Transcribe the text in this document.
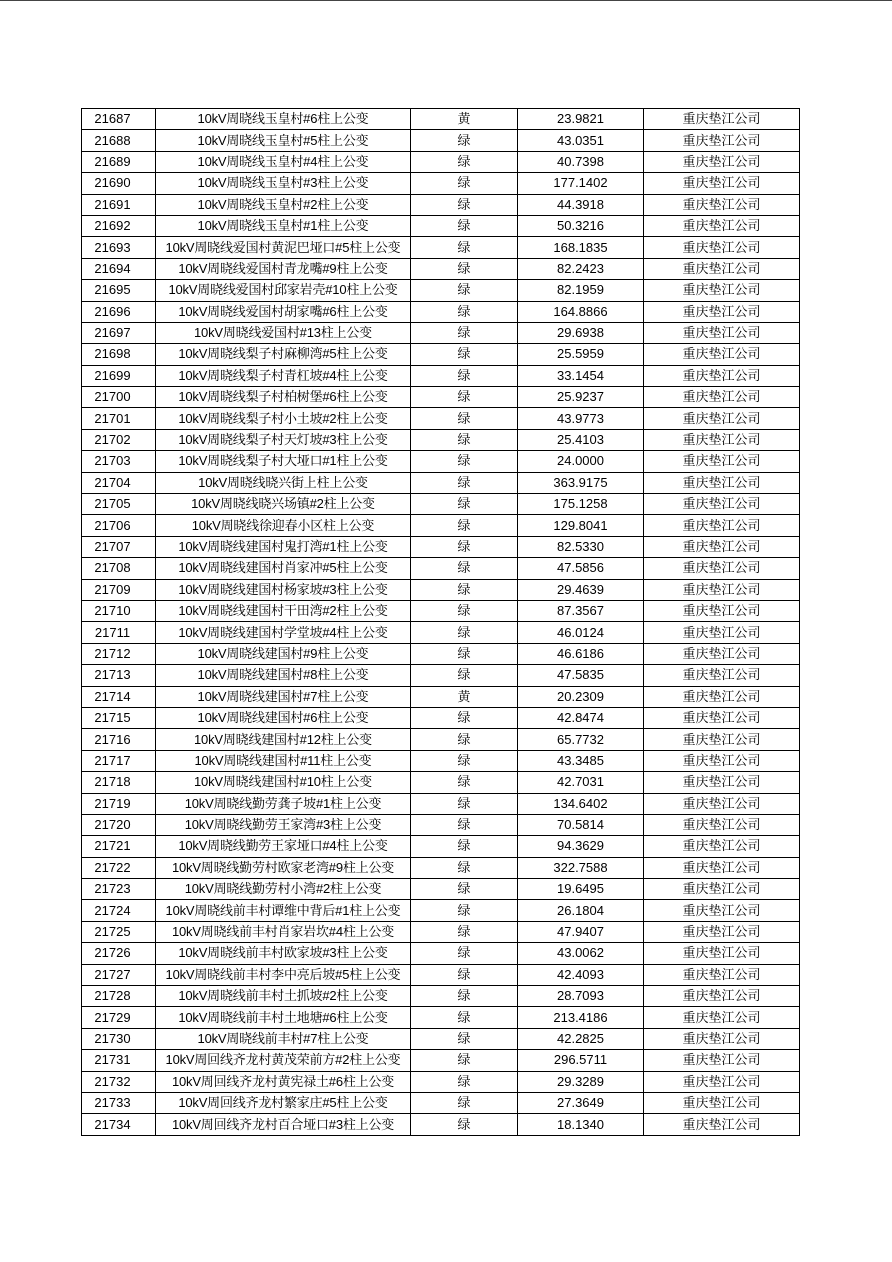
21687	10kV周晓线玉皇村#6柱上公变	黄	23.9821	重庆垫江公司
21688	10kV周晓线玉皇村#5柱上公变	绿	43.0351	重庆垫江公司
21689	10kV周晓线玉皇村#4柱上公变	绿	40.7398	重庆垫江公司
21690	10kV周晓线玉皇村#3柱上公变	绿	177.1402	重庆垫江公司
21691	10kV周晓线玉皇村#2柱上公变	绿	44.3918	重庆垫江公司
21692	10kV周晓线玉皇村#1柱上公变	绿	50.3216	重庆垫江公司
21693	10kV周晓线爱国村黄泥巴垭口#5柱上公变	绿	168.1835	重庆垫江公司
21694	10kV周晓线爱国村青龙嘴#9柱上公变	绿	82.2423	重庆垫江公司
21695	10kV周晓线爱国村邱家岩壳#10柱上公变	绿	82.1959	重庆垫江公司
21696	10kV周晓线爱国村胡家嘴#6柱上公变	绿	164.8866	重庆垫江公司
21697	10kV周晓线爱国村#13柱上公变	绿	29.6938	重庆垫江公司
21698	10kV周晓线梨子村麻柳湾#5柱上公变	绿	25.5959	重庆垫江公司
21699	10kV周晓线梨子村青杠坡#4柱上公变	绿	33.1454	重庆垫江公司
21700	10kV周晓线梨子村柏树堡#6柱上公变	绿	25.9237	重庆垫江公司
21701	10kV周晓线梨子村小土坡#2柱上公变	绿	43.9773	重庆垫江公司
21702	10kV周晓线梨子村天灯坡#3柱上公变	绿	25.4103	重庆垫江公司
21703	10kV周晓线梨子村大垭口#1柱上公变	绿	24.0000	重庆垫江公司
21704	10kV周晓线晓兴街上柱上公变	绿	363.9175	重庆垫江公司
21705	10kV周晓线晓兴场镇#2柱上公变	绿	175.1258	重庆垫江公司
21706	10kV周晓线徐迎春小区柱上公变	绿	129.8041	重庆垫江公司
21707	10kV周晓线建国村鬼打湾#1柱上公变	绿	82.5330	重庆垫江公司
21708	10kV周晓线建国村肖家冲#5柱上公变	绿	47.5856	重庆垫江公司
21709	10kV周晓线建国村杨家坡#3柱上公变	绿	29.4639	重庆垫江公司
21710	10kV周晓线建国村干田湾#2柱上公变	绿	87.3567	重庆垫江公司
21711	10kV周晓线建国村学堂坡#4柱上公变	绿	46.0124	重庆垫江公司
21712	10kV周晓线建国村#9柱上公变	绿	46.6186	重庆垫江公司
21713	10kV周晓线建国村#8柱上公变	绿	47.5835	重庆垫江公司
21714	10kV周晓线建国村#7柱上公变	黄	20.2309	重庆垫江公司
21715	10kV周晓线建国村#6柱上公变	绿	42.8474	重庆垫江公司
21716	10kV周晓线建国村#12柱上公变	绿	65.7732	重庆垫江公司
21717	10kV周晓线建国村#11柱上公变	绿	43.3485	重庆垫江公司
21718	10kV周晓线建国村#10柱上公变	绿	42.7031	重庆垫江公司
21719	10kV周晓线勤劳龚子坡#1柱上公变	绿	134.6402	重庆垫江公司
21720	10kV周晓线勤劳王家湾#3柱上公变	绿	70.5814	重庆垫江公司
21721	10kV周晓线勤劳王家垭口#4柱上公变	绿	94.3629	重庆垫江公司
21722	10kV周晓线勤劳村欧家老湾#9柱上公变	绿	322.7588	重庆垫江公司
21723	10kV周晓线勤劳村小湾#2柱上公变	绿	19.6495	重庆垫江公司
21724	10kV周晓线前丰村谭维中背后#1柱上公变	绿	26.1804	重庆垫江公司
21725	10kV周晓线前丰村肖家岩坎#4柱上公变	绿	47.9407	重庆垫江公司
21726	10kV周晓线前丰村欧家坡#3柱上公变	绿	43.0062	重庆垫江公司
21727	10kV周晓线前丰村李中亮后坡#5柱上公变	绿	42.4093	重庆垫江公司
21728	10kV周晓线前丰村土抓坡#2柱上公变	绿	28.7093	重庆垫江公司
21729	10kV周晓线前丰村土地塘#6柱上公变	绿	213.4186	重庆垫江公司
21730	10kV周晓线前丰村#7柱上公变	绿	42.2825	重庆垫江公司
21731	10kV周回线齐龙村黄茂荣前方#2柱上公变	绿	296.5711	重庆垫江公司
21732	10kV周回线齐龙村黄宪禄土#6柱上公变	绿	29.3289	重庆垫江公司
21733	10kV周回线齐龙村繁家庄#5柱上公变	绿	27.3649	重庆垫江公司
21734	10kV周回线齐龙村百合垭口#3柱上公变	绿	18.1340	重庆垫江公司
